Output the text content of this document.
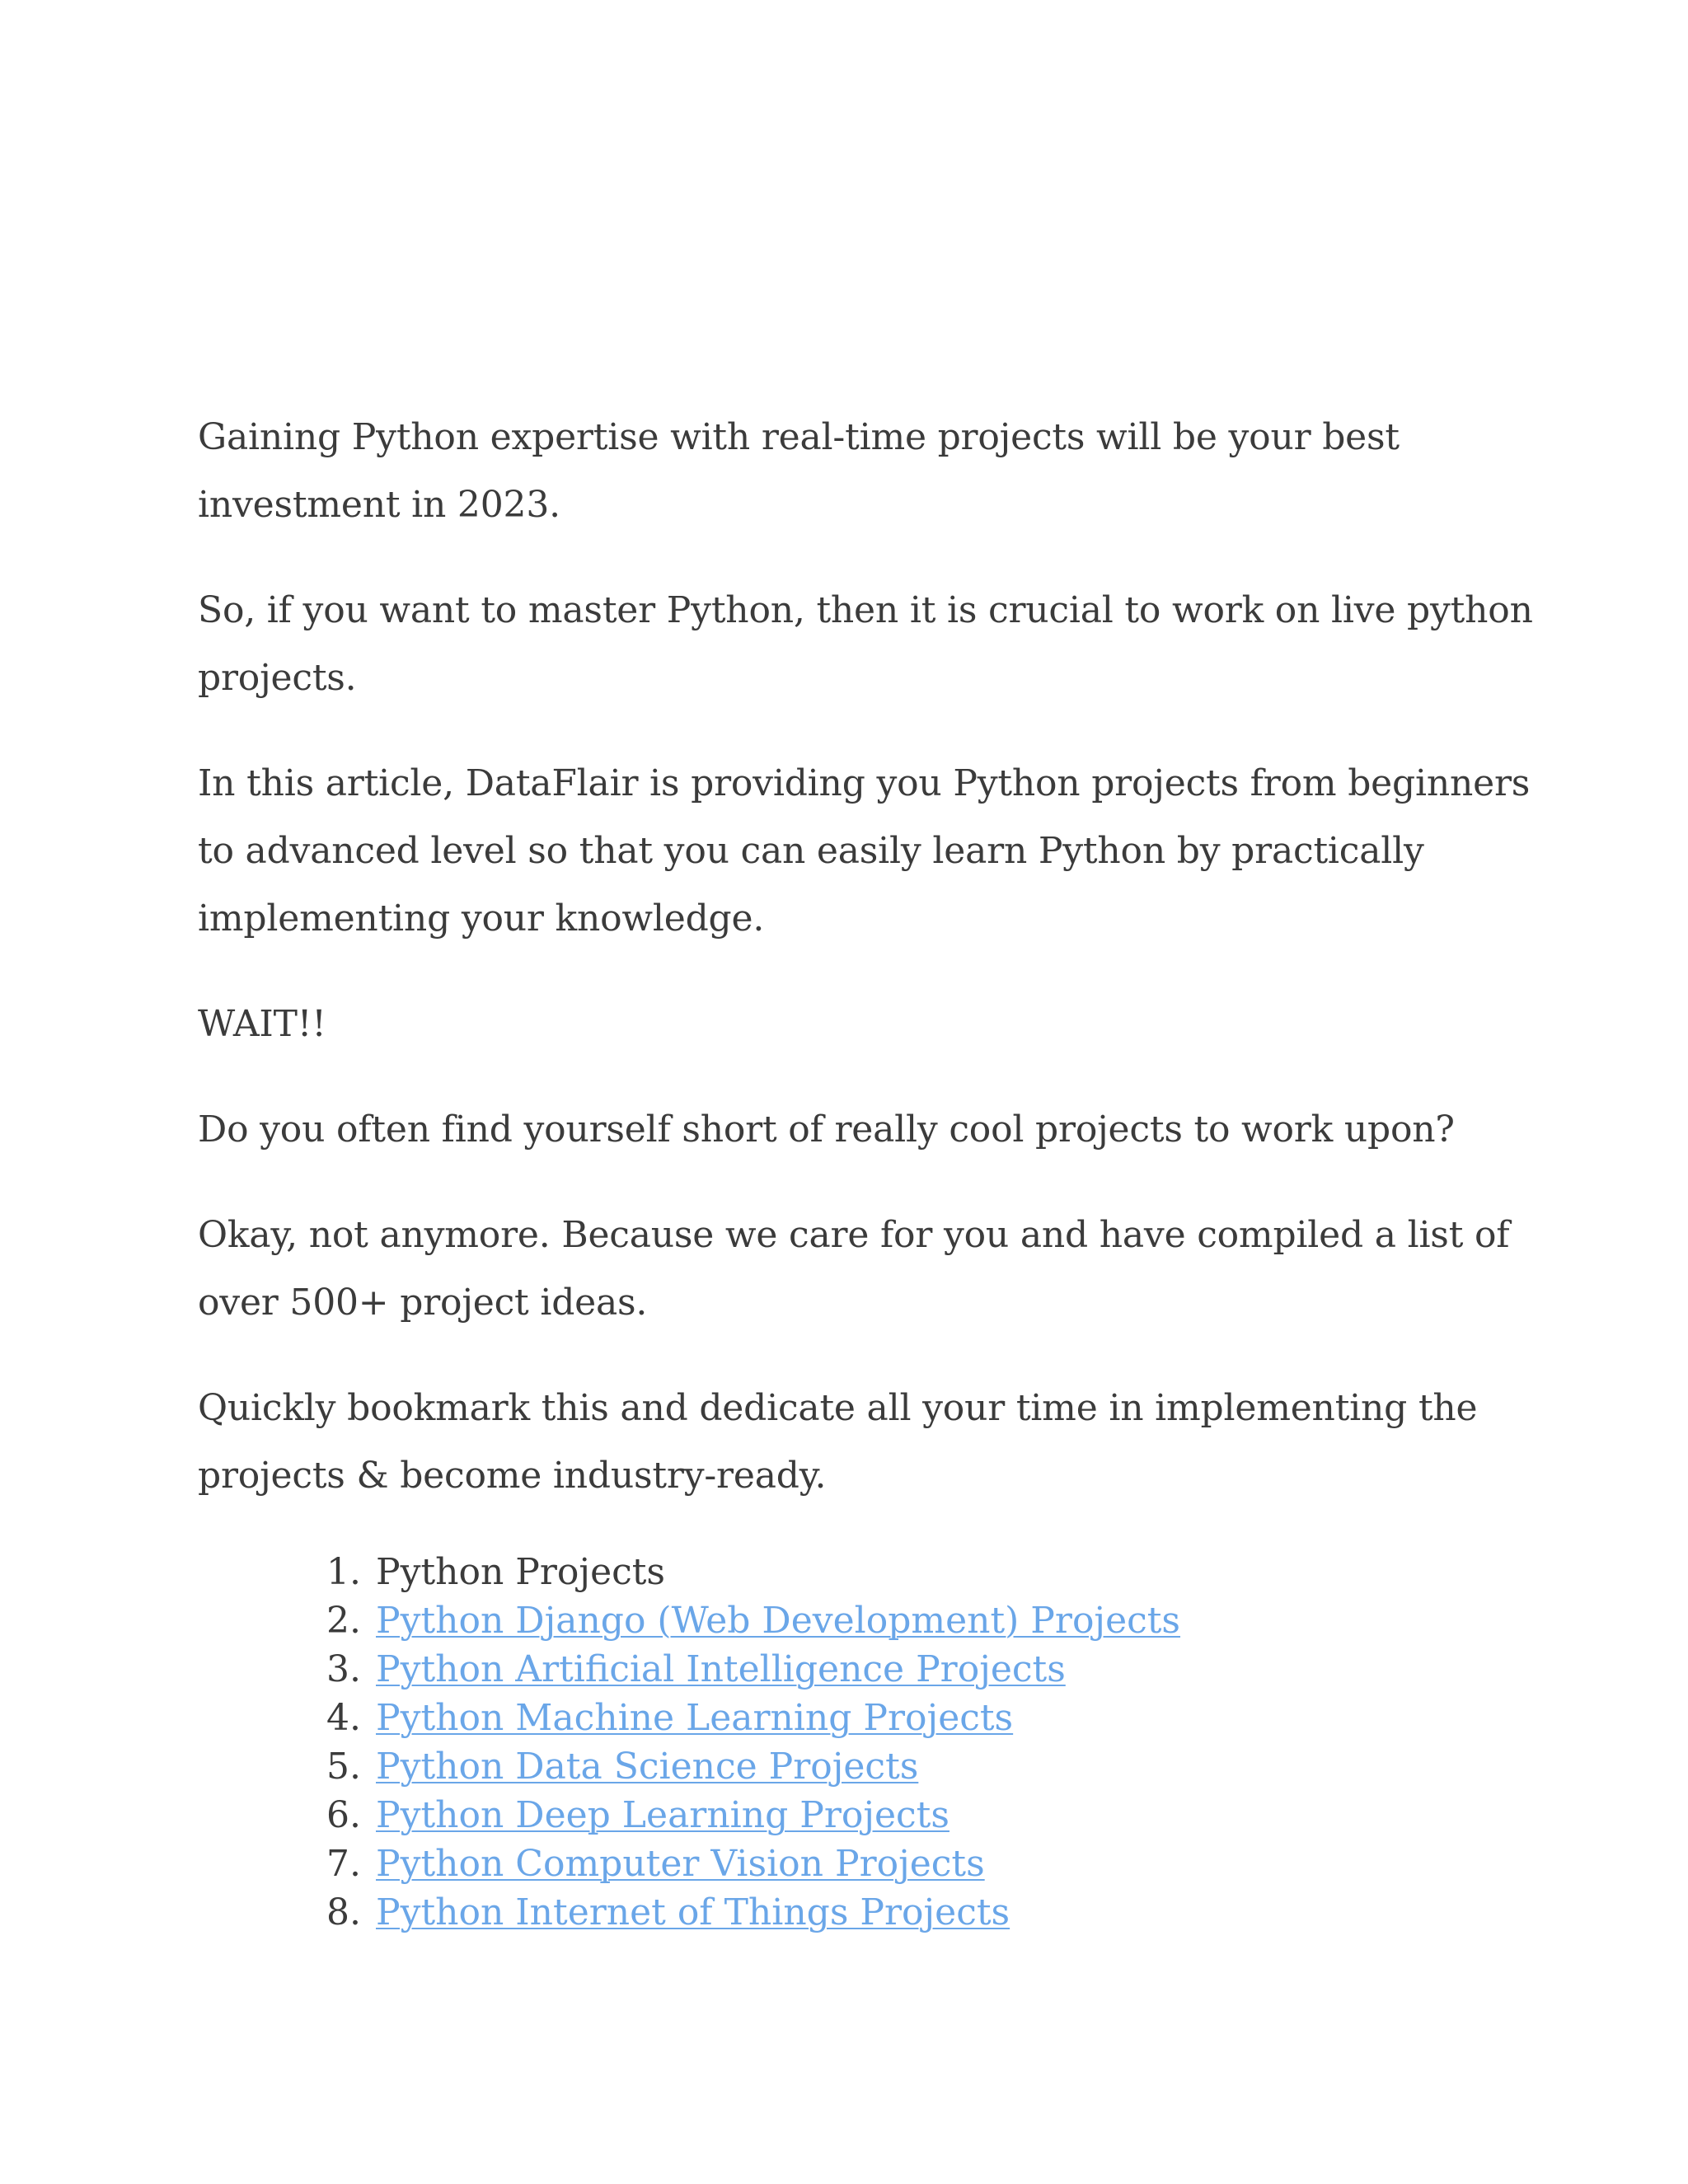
Gaining Python expertise with real-time projects will be your best investment in 2023.

So, if you want to master Python, then it is crucial to work on live python projects.

In this article, DataFlair is providing you Python projects from beginners to advanced level so that you can easily learn Python by practically implementing your knowledge.

WAIT!!

Do you often find yourself short of really cool projects to work upon?

Okay, not anymore. Because we care for you and have compiled a list of over 500+ project ideas.

Quickly bookmark this and dedicate all your time in implementing the projects & become industry-ready.

1. Python Projects
2. Python Django (Web Development) Projects
3. Python Artificial Intelligence Projects
4. Python Machine Learning Projects
5. Python Data Science Projects
6. Python Deep Learning Projects
7. Python Computer Vision Projects
8. Python Internet of Things Projects
